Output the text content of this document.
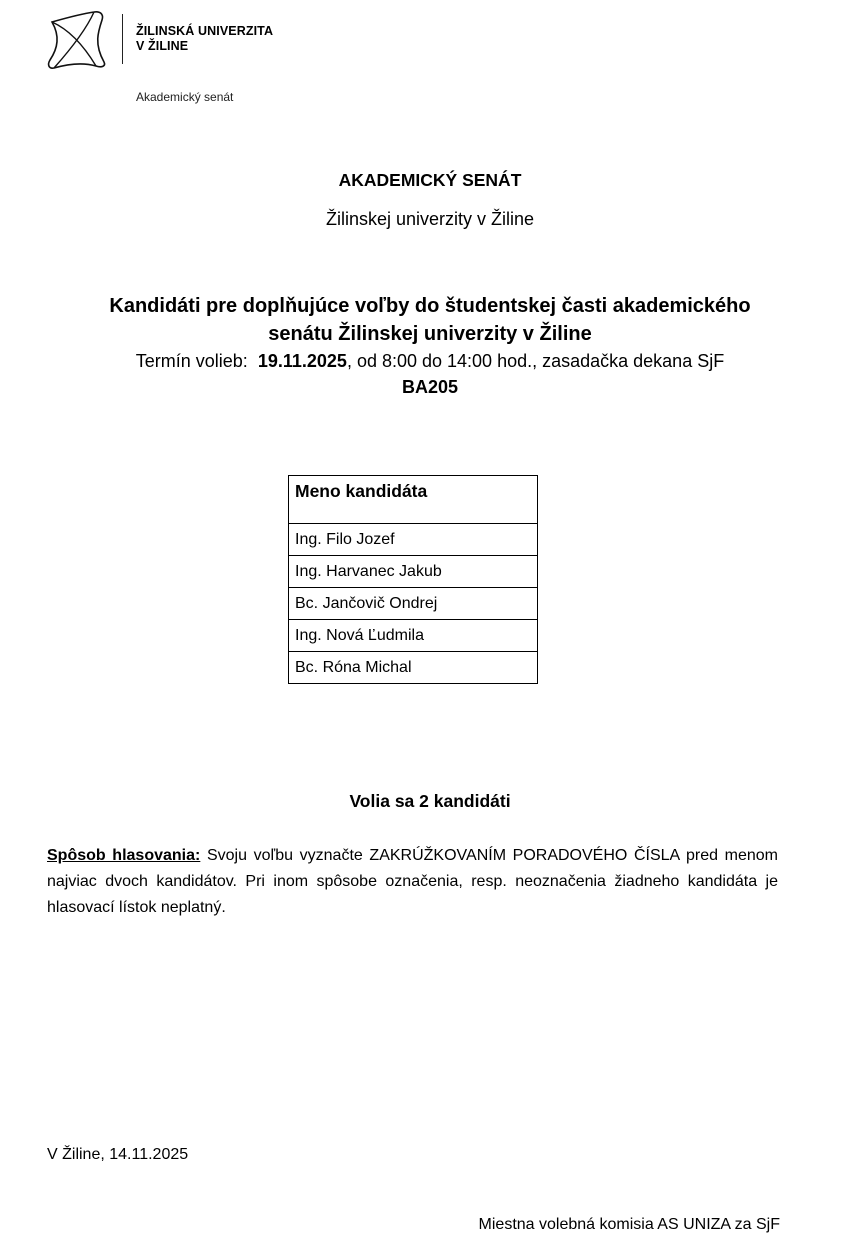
ŽILINSKÁ UNIVERZITA
V ŽILINE
Akademický senát
AKADEMICKÝ SENÁT
Žilinskej univerzity v Žiline
Kandidáti pre doplňujúce voľby do študentskej časti akademického
senátu Žilinskej univerzity v Žiline
Termín volieb: 19.11.2025, od 8:00 do 14:00 hod., zasadačka dekana SjF
BA205
Meno kandidáta
Ing. Filo Jozef
Ing. Harvanec Jakub
Bc. Jančovič Ondrej
Ing. Nová Ľudmila
Bc. Róna Michal
Volia sa 2 kandidáti
Spôsob hlasovania: Svoju voľbu vyznačte ZAKRÚŽKOVANÍM PORADOVÉHO ČÍSLA pred menom najviac dvoch kandidátov. Pri inom spôsobe označenia, resp. neoznačenia žiadneho kandidáta je hlasovací lístok neplatný.
V Žiline, 14.11.2025
Miestna volebná komisia AS UNIZA za SjF
